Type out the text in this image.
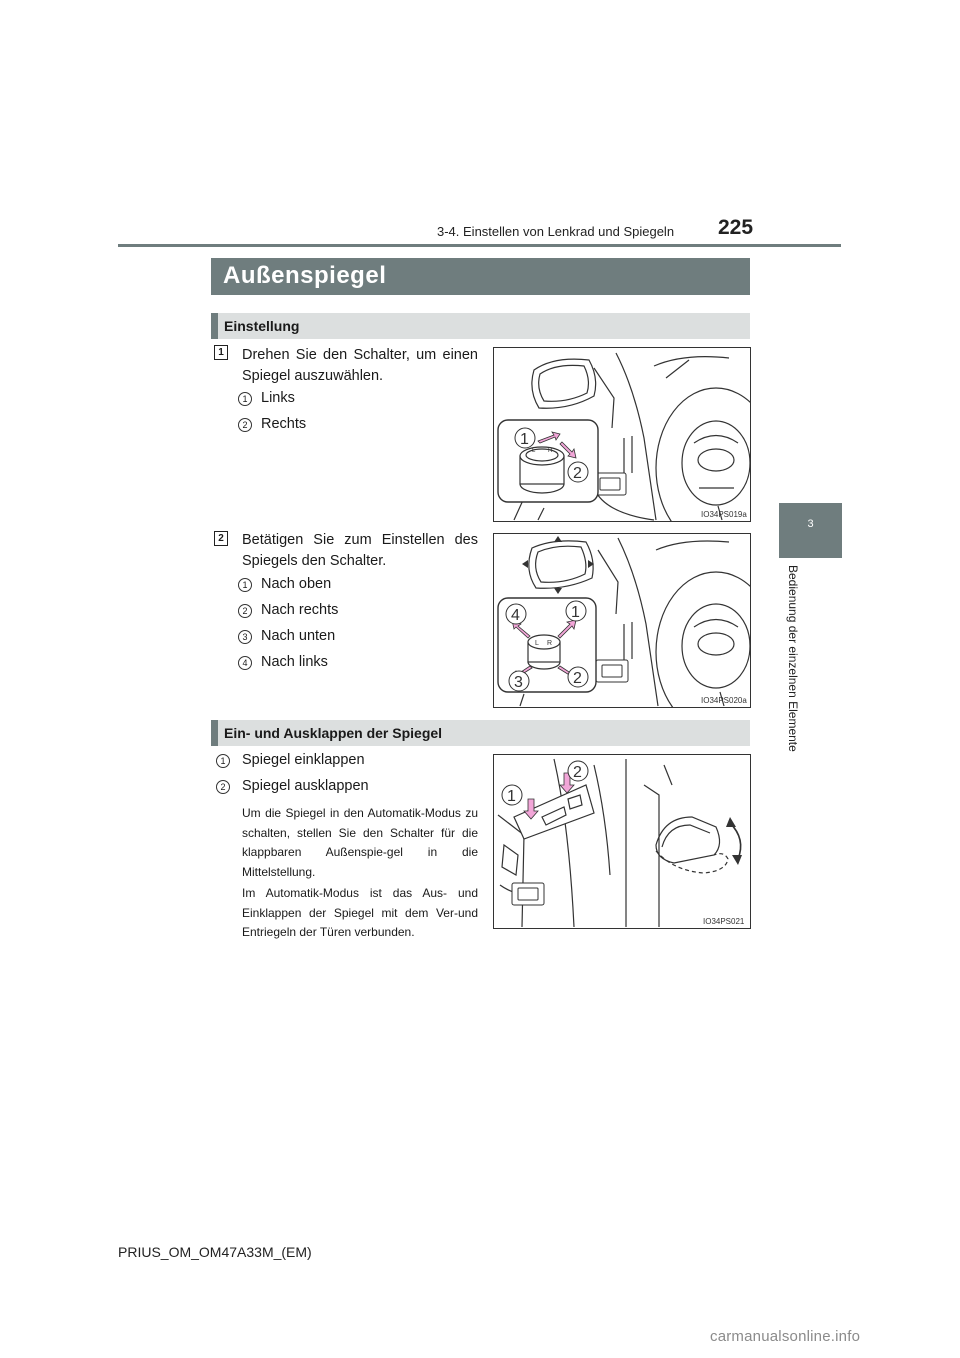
3-4. Einstellen von Lenkrad und Spiegeln 225
3
Bedienung der einzelnen Elemente
Außenspiegel
Einstellung
1 Drehen Sie den Schalter, um einen Spiegel auszuwählen.
1 Links
2 Rechts
L R
1
2
IO34PS019a
2 Betätigen Sie zum Einstellen des Spiegels den Schalter.
1 Nach oben
2 Nach rechts
3 Nach unten
4 Nach links
L R
4	1
3	2
IO34PS020a
Ein- und Ausklappen der Spiegel
1	Spiegel einklappen
2	Spiegel ausklappen
Um die Spiegel in den Automatik-Modus zu schalten, stellen Sie den Schalter für die klappbaren Außenspie-gel in die Mittelstellung.
Im Automatik-Modus ist das Aus- und Einklappen der Spiegel mit dem Ver-und Entriegeln der Türen verbunden.
2
1
IO34PS021
PRIUS_OM_OM47A33M_(EM)
carmanualsonline.info
